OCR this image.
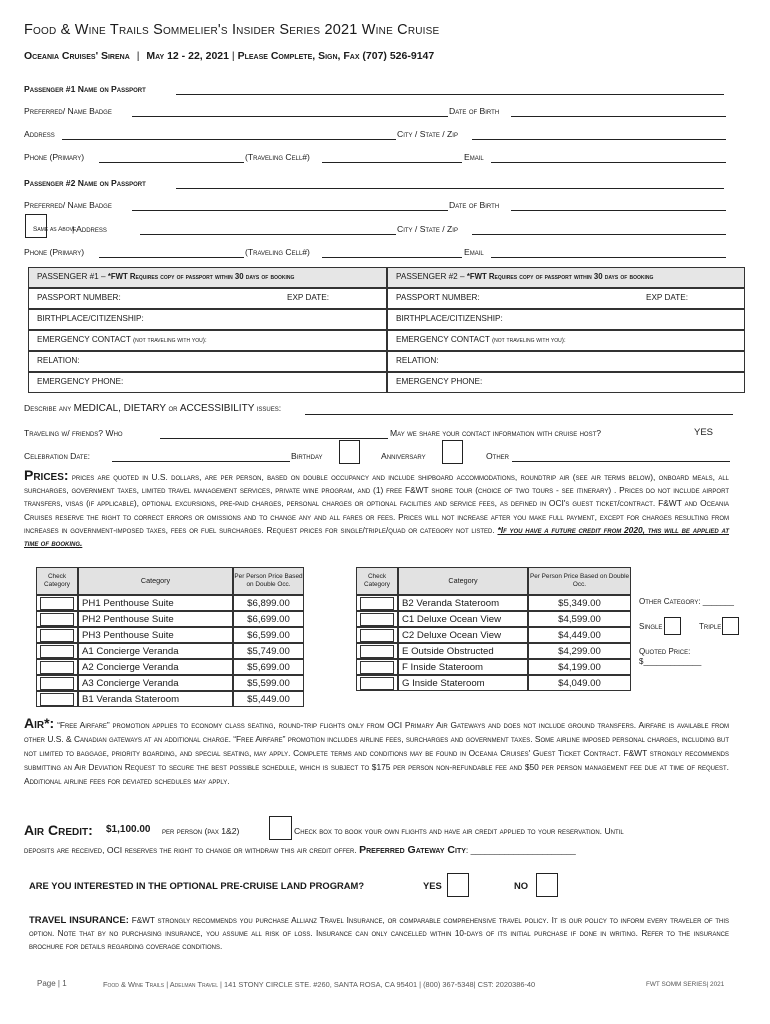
Food & Wine Trails Sommelier's Insider Series 2021 Wine Cruise
Oceania Cruises' Sirena | May 12 - 22, 2021 | Please Complete, Sign, Fax (707) 526-9147
Passenger #1 Name on Passport
Preferred/ Name Badge	Date of Birth
Address	City / State / Zip
Phone (Primary)	(Traveling Cell#)	Email
Passenger #2 Name on Passport
Preferred/ Name Badge	Date of Birth
Same as Above
| Address	City / State / Zip
Phone (Primary)	(Traveling Cell#)	Email
PASSENGER #1 – *FWT Requires copy of passport within 30 days of booking
PASSPORT NUMBER:	EXP DATE:
BIRTHPLACE/CITIZENSHIP:
EMERGENCY CONTACT (not traveling with you):
RELATION:
EMERGENCY PHONE:
PASSENGER #2 – *FWT Requires copy of passport within 30 days of booking
PASSPORT NUMBER:	EXP DATE:
BIRTHPLACE/CITIZENSHIP:
EMERGENCY CONTACT (not traveling with you):
RELATION:
EMERGENCY PHONE:
Describe any MEDICAL, DIETARY or ACCESSIBILITY issues:
Traveling w/ friends? Who	May we share your contact information with cruise host?	YES
Celebration Date:	Birthday	Anniversary	Other
Prices: prices are quoted in U.S. dollars, are per person, based on double occupancy and include shipboard accommodations, roundtrip air (see air terms below), onboard meals, all surcharges, government taxes, limited travel management services, private wine program, and (1) free F&WT shore tour (choice of two tours - see itinerary) . Prices do not include airport transfers, visas (if applicable), optional excursions, pre-paid charges, personal charges or optional facilities and service fees, as defined in OCI's guest ticket/contract. F&WT and Oceania Cruises reserve the right to correct errors or omissions and to change any and all fares or fees. Prices will not increase after you make full payment, except for charges resulting from increases in government-imposed taxes, fees or fuel surcharges. Request prices for single/triple/quad or category not listed. *If you have a future credit from 2020, this will be applied at time of booking.
Check Category	Category	Per Person Price Based on Double Occ.
PH1 Penthouse Suite	$6,899.00
PH2 Penthouse Suite	$6,699.00
PH3 Penthouse Suite	$6,599.00
A1 Concierge Veranda	$5,749.00
A2 Concierge Veranda	$5,699.00
A3 Concierge Veranda	$5,599.00
B1 Veranda Stateroom	$5,449.00
Check Category	Category	Per Person Price Based on Double Occ.
B2 Veranda Stateroom	$5,349.00
C1 Deluxe Ocean View	$4,599.00
C2 Deluxe Ocean View	$4,449.00
E Outside Obstructed	$4,299.00
F Inside Stateroom	$4,199.00
G Inside Stateroom	$4,049.00
Other Category: _______
Single	Triple
Quoted Price:
$_____________
Air*: “Free Airfare” promotion applies to economy class seating, round-trip flights only from OCI Primary Air Gateways and does not include ground transfers. Airfare is available from other U.S. & Canadian gateways at an additional charge. “Free Airfare” promotion includes airline fees, surcharges and government taxes. Some airline imposed personal charges, including but not limited to baggage, priority boarding, and special seating, may apply. Complete terms and conditions may be found in Oceania Cruises' Guest Ticket Contract. F&WT strongly recommends submitting an Air Deviation Request to secure the best possible schedule, which is subject to $175 per person non-refundable fee and $50 per person management fee due at time of request. Additional airline fees for deviated schedules may apply.
Air Credit: $1,100.00 per person (pax 1&2)	Check box to book your own flights and have air credit applied to your reservation. Until
deposits are received, OCI reserves the right to change or withdraw this air credit offer. Preferred Gateway City: ______________________
ARE YOU INTERESTED IN THE OPTIONAL PRE-CRUISE LAND PROGRAM?	YES	NO
TRAVEL INSURANCE: F&WT strongly recommends you purchase Allianz Travel Insurance, or comparable comprehensive travel policy. It is our policy to inform every traveler of this option. Note that by no purchasing insurance, you assume all risk of loss. Insurance can only cancelled within 10-days of its initial purchase if done in writing. Refer to the insurance brochure for details regarding coverage conditions.
Page | 1	Food & Wine Trails | Adelman Travel | 141 STONY CIRCLE STE. #260, SANTA ROSA, CA 95401 | (800) 367-5348| CST: 2020386-40	FWT SOMM SERIES| 2021
